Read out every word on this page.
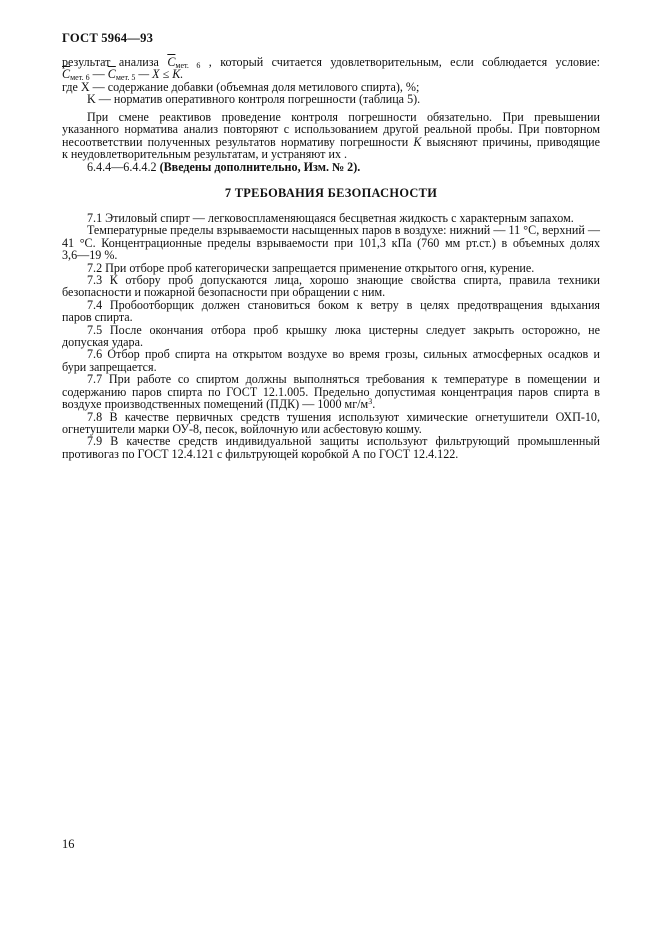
ГОСТ 5964—93
результат анализа $\overline{C}_{мет. 6}$ , который считается удовлетворительным, если соблюдается условие:
$\overline{C}_{мет. 6}$ — $\overline{C}_{мет. 5}$ — X ≤ K.
где X — содержание добавки (объемная доля метилового спирта), %;
K — норматив оперативного контроля погрешности (таблица 5).
При смене реактивов проведение контроля погрешности обязательно. При превышении
указанного норматива анализ повторяют с использованием другой реальной пробы. При повторном
несоответствии полученных результатов нормативу погрешности K выясняют причины, приводящие
к неудовлетворительным результатам, и устраняют их .
6.4.4—6.4.4.2 (Введены дополнительно, Изм. № 2).
7 ТРЕБОВАНИЯ БЕЗОПАСНОСТИ
7.1 Этиловый спирт — легковоспламеняющаяся бесцветная жидкость с характерным запахом.
Температурные пределы взрываемости насыщенных паров в воздухе: нижний — 11 °С, верхний —
41 °С. Концентрационные пределы взрываемости при 101,3 кПа (760 мм рт.ст.) в объемных долях
3,6—19 %.
7.2 При отборе проб категорически запрещается применение открытого огня, курение.
7.3 К отбору проб допускаются лица, хорошо знающие свойства спирта, правила техники
безопасности и пожарной безопасности при обращении с ним.
7.4 Пробоотборщик должен становиться боком к ветру в целях предотвращения вдыхания
паров спирта.
7.5 После окончания отбора проб крышку люка цистерны следует закрыть осторожно, не
допуская удара.
7.6 Отбор проб спирта на открытом воздухе во время грозы, сильных атмосферных осадков и
бури запрещается.
7.7 При работе со спиртом должны выполняться требования к температуре в помещении и
содержанию паров спирта по ГОСТ 12.1.005. Предельно допустимая концентрация паров спирта в
воздухе производственных помещений (ПДК) — 1000 $мг/м^3$.
7.8 В качестве первичных средств тушения используют химические огнетушители ОХП-10,
огнетушители марки ОУ-8, песок, войлочную или асбестовую кошму.
7.9 В качестве средств индивидуальной защиты используют фильтрующий промышленный
противогаз по ГОСТ 12.4.121 с фильтрующей коробкой А по ГОСТ 12.4.122.
16
